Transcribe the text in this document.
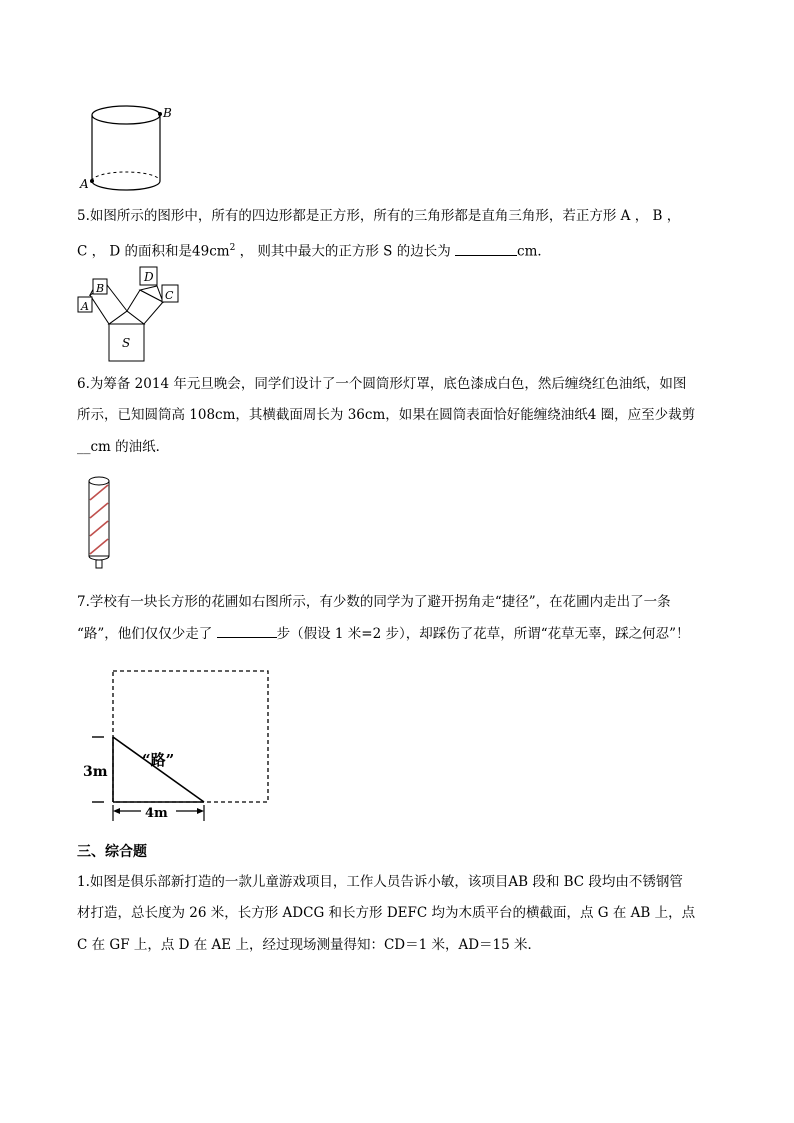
A
B
5.如图所示的图形中，所有的四边形都是正方形，所有的三角形都是直角三角形，若正方形 A ， B ，
C ， D 的面积和是$49cm^2$ ， 则其中最大的正方形 S 的边长为	cm．
A
B
D
C
S
6.为筹备 2014 年元旦晚会，同学们设计了一个圆筒形灯罩，底色漆成白色，然后缠绕红色油纸，如图
所示，已知圆筒高 108cm，其横截面周长为 36cm，如果在圆筒表面恰好能缠绕油纸4 圈，应至少裁剪
__cm 的油纸．
7.学校有一块长方形的花圃如右图所示，有少数的同学为了避开拐角走“捷径”，在花圃内走出了一条
“路”，他们仅仅少走了	步（假设 1 米=2 步），却踩伤了花草，所谓“花草无辜，踩之何忍”！
“路”
3m
4m
三、综合题
1.如图是俱乐部新打造的一款儿童游戏项目，工作人员告诉小敏，该项目AB 段和 BC 段均由不锈钢管
材打造，总长度为 26 米，长方形 ADCG 和长方形 DEFC 均为木质平台的横截面，点 G 在 AB 上，点
C 在 GF 上，点 D 在 AE 上，经过现场测量得知：CD＝1 米，AD＝15 米．
